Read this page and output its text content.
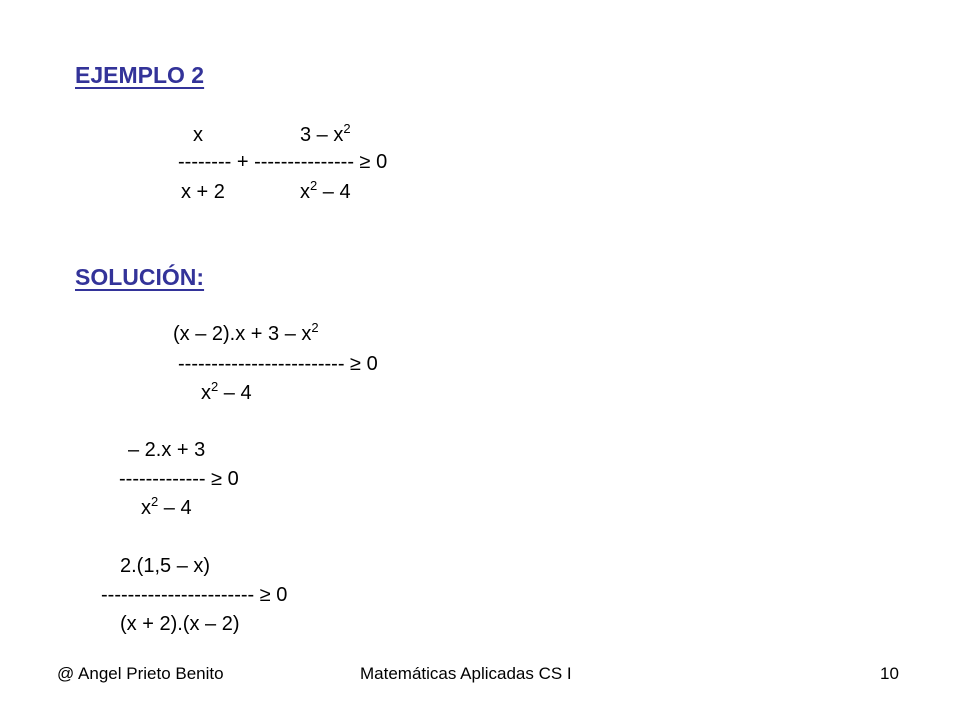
EJEMPLO 2
x	$3 - x^2$
-------- + --------------- ≥ 0
x + 2	$x^2 - 4$
SOLUCIÓN:
$(x - 2).x + 3 - x^2$
------------------------- ≥ 0
$x^2 - 4$
– 2.x + 3
------------- ≥ 0
$x^2 - 4$
2.(1,5 – x)
----------------------- ≥ 0
(x + 2).(x – 2)
@ Angel Prieto Benito	Matemáticas Aplicadas CS I	10
